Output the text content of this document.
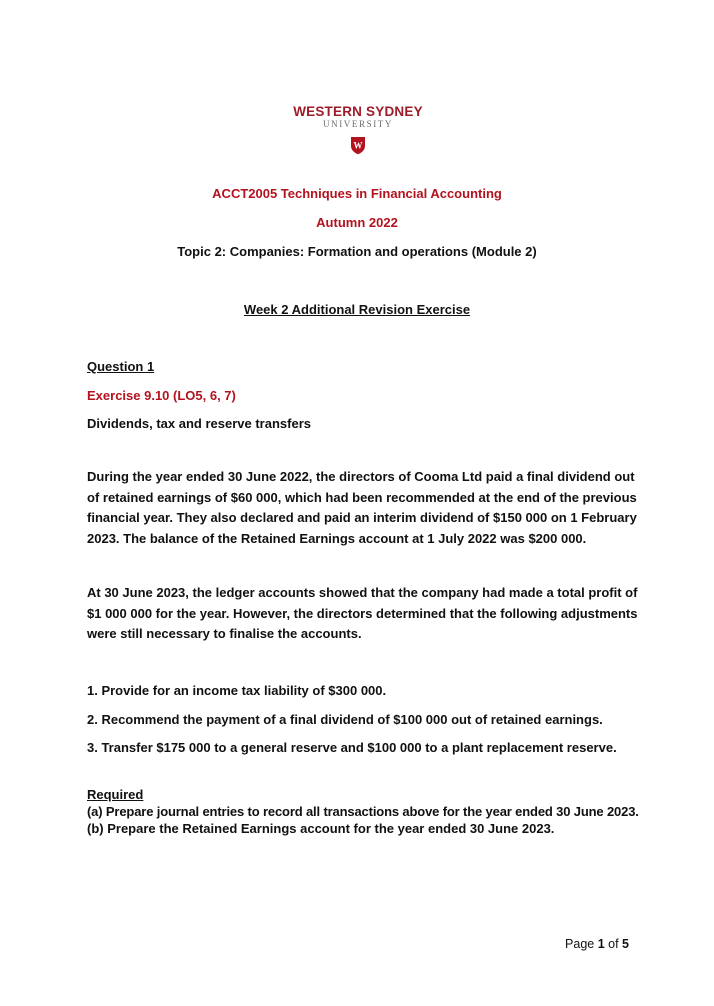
WESTERN SYDNEY
UNIVERSITY
W
ACCT2005 Techniques in Financial Accounting
Autumn 2022
Topic 2: Companies: Formation and operations (Module 2)
Week 2 Additional Revision Exercise
Question 1
Exercise 9.10 (LO5, 6, 7)
Dividends, tax and reserve transfers

During the year ended 30 June 2022, the directors of Cooma Ltd paid a final dividend out of retained earnings of $60 000, which had been recommended at the end of the previous financial year. They also declared and paid an interim dividend of $150 000 on 1 February 2023. The balance of the Retained Earnings account at 1 July 2022 was $200 000.

At 30 June 2023, the ledger accounts showed that the company had made a total profit of $1 000 000 for the year. However, the directors determined that the following adjustments were still necessary to finalise the accounts.

1. Provide for an income tax liability of $300 000.
2. Recommend the payment of a final dividend of $100 000 out of retained earnings.
3. Transfer $175 000 to a general reserve and $100 000 to a plant replacement reserve.
Required
(a) Prepare journal entries to record all transactions above for the year ended 30 June 2023.
(b) Prepare the Retained Earnings account for the year ended 30 June 2023.
Page 1 of 5
